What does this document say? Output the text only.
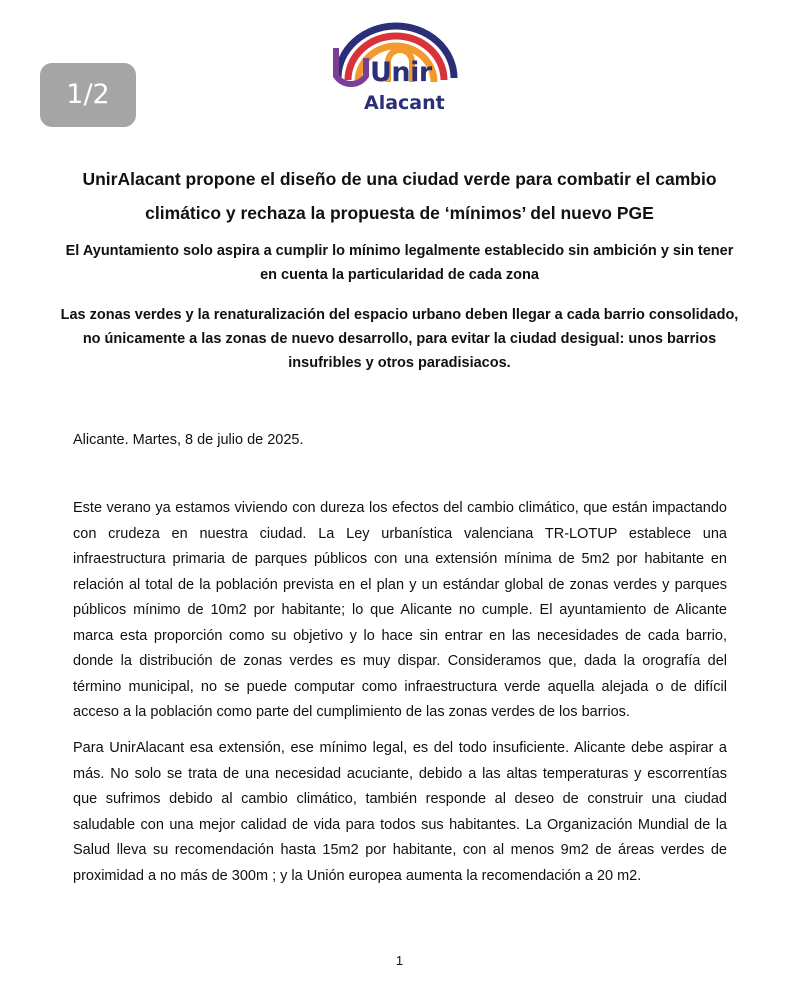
1/2
Unir
Alacant
UnirAlacant propone el diseño de una ciudad verde para combatir el cambio climático y rechaza la propuesta de ‘mínimos’ del nuevo PGE

El Ayuntamiento solo aspira a cumplir lo mínimo legalmente establecido sin ambición y sin tener en cuenta la particularidad de cada zona

Las zonas verdes y la renaturalización del espacio urbano deben llegar a cada barrio consolidado, no únicamente a las zonas de nuevo desarrollo, para evitar la ciudad desigual: unos barrios insufribles y otros paradisiacos.

Alicante. Martes, 8 de julio de 2025.

Este verano ya estamos viviendo con dureza los efectos del cambio climático, que están impactando con crudeza en nuestra ciudad. La Ley urbanística valenciana TR-LOTUP establece una infraestructura primaria de parques públicos con una extensión mínima de 5m2 por habitante en relación al total de la población prevista en el plan y un estándar global de zonas verdes y parques públicos mínimo de 10m2 por habitante; lo que Alicante no cumple. El ayuntamiento de Alicante marca esta proporción como su objetivo y lo hace sin entrar en las necesidades de cada barrio, donde la distribución de zonas verdes es muy dispar. Consideramos que, dada la orografía del término municipal, no se puede computar como infraestructura verde aquella alejada o de difícil acceso a la población como parte del cumplimiento de las zonas verdes de los barrios.

Para UnirAlacant esa extensión, ese mínimo legal, es del todo insuficiente. Alicante debe aspirar a más. No solo se trata de una necesidad acuciante, debido a las altas temperaturas y escorrentías que sufrimos debido al cambio climático, también responde al deseo de construir una ciudad saludable con una mejor calidad de vida para todos sus habitantes. La Organización Mundial de la Salud lleva su recomendación hasta 15m2 por habitante, con al menos 9m2 de áreas verdes de proximidad a no más de 300m ; y la Unión europea aumenta la recomendación a 20 m2.

1
